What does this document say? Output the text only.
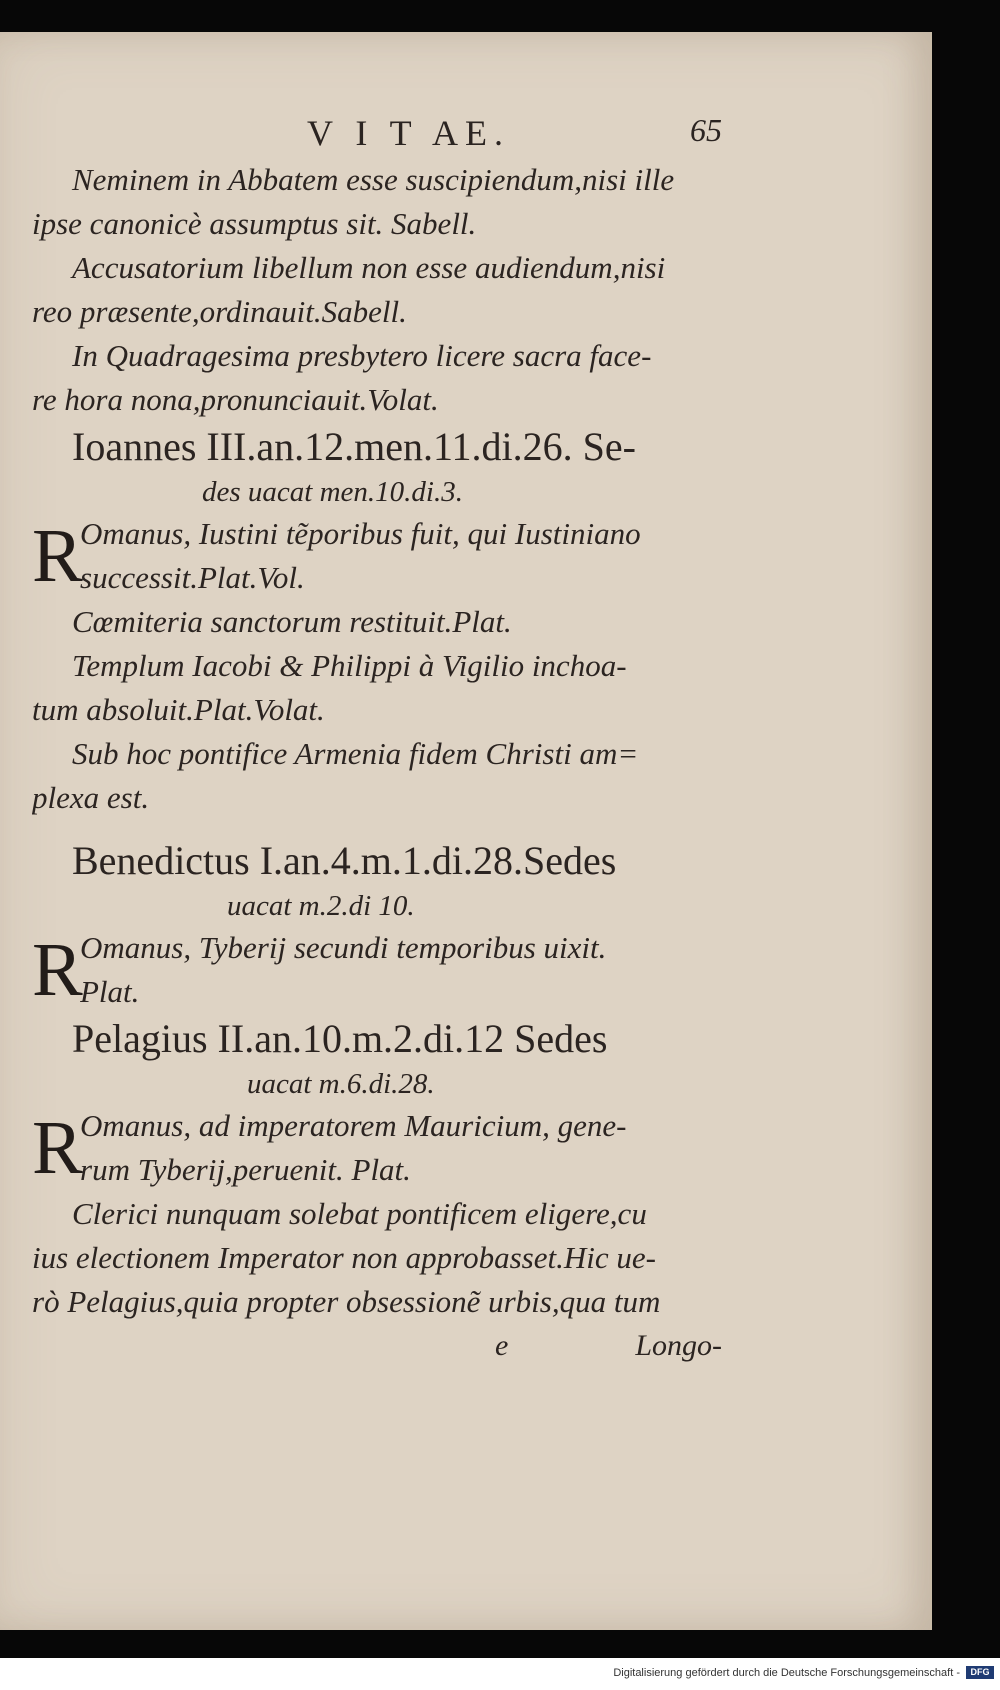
V I T AE.	65
Neminem in Abbatem esse suscipiendum,nisi ille
ipse canonicè assumptus sit. Sabell.
Accusatorium libellum non esse audiendum,nisi
reo præsente,ordinauit.Sabell.
In Quadragesima presbytero licere sacra face-
re hora nona,pronunciauit.Volat.
Ioannes III.an.12.men.11.di.26. Se-
des uacat men.10.di.3.
R
Omanus, Iustini tẽporibus fuit, qui Iustiniano
successit.Plat.Vol.
Cœmiteria sanctorum restituit.Plat.
Templum Iacobi & Philippi à Vigilio inchoa-
tum absoluit.Plat.Volat.
Sub hoc pontifice Armenia fidem Christi am=
plexa est.
Benedictus I.an.4.m.1.di.28.Sedes
uacat m.2.di 10.
R
Omanus, Tyberij secundi temporibus uixit.
Plat.
Pelagius II.an.10.m.2.di.12 Sedes
uacat m.6.di.28.
R
Omanus, ad imperatorem Mauricium, gene-
rum Tyberij,peruenit. Plat.
Clerici nunquam solebat pontificem eligere,cu
ius electionem Imperator non approbasset.Hic ue-
rò Pelagius,quia propter obsessionẽ urbis,qua tum
e	Longo-
Digitalisierung gefördert durch die Deutsche Forschungsgemeinschaft -	DFG
